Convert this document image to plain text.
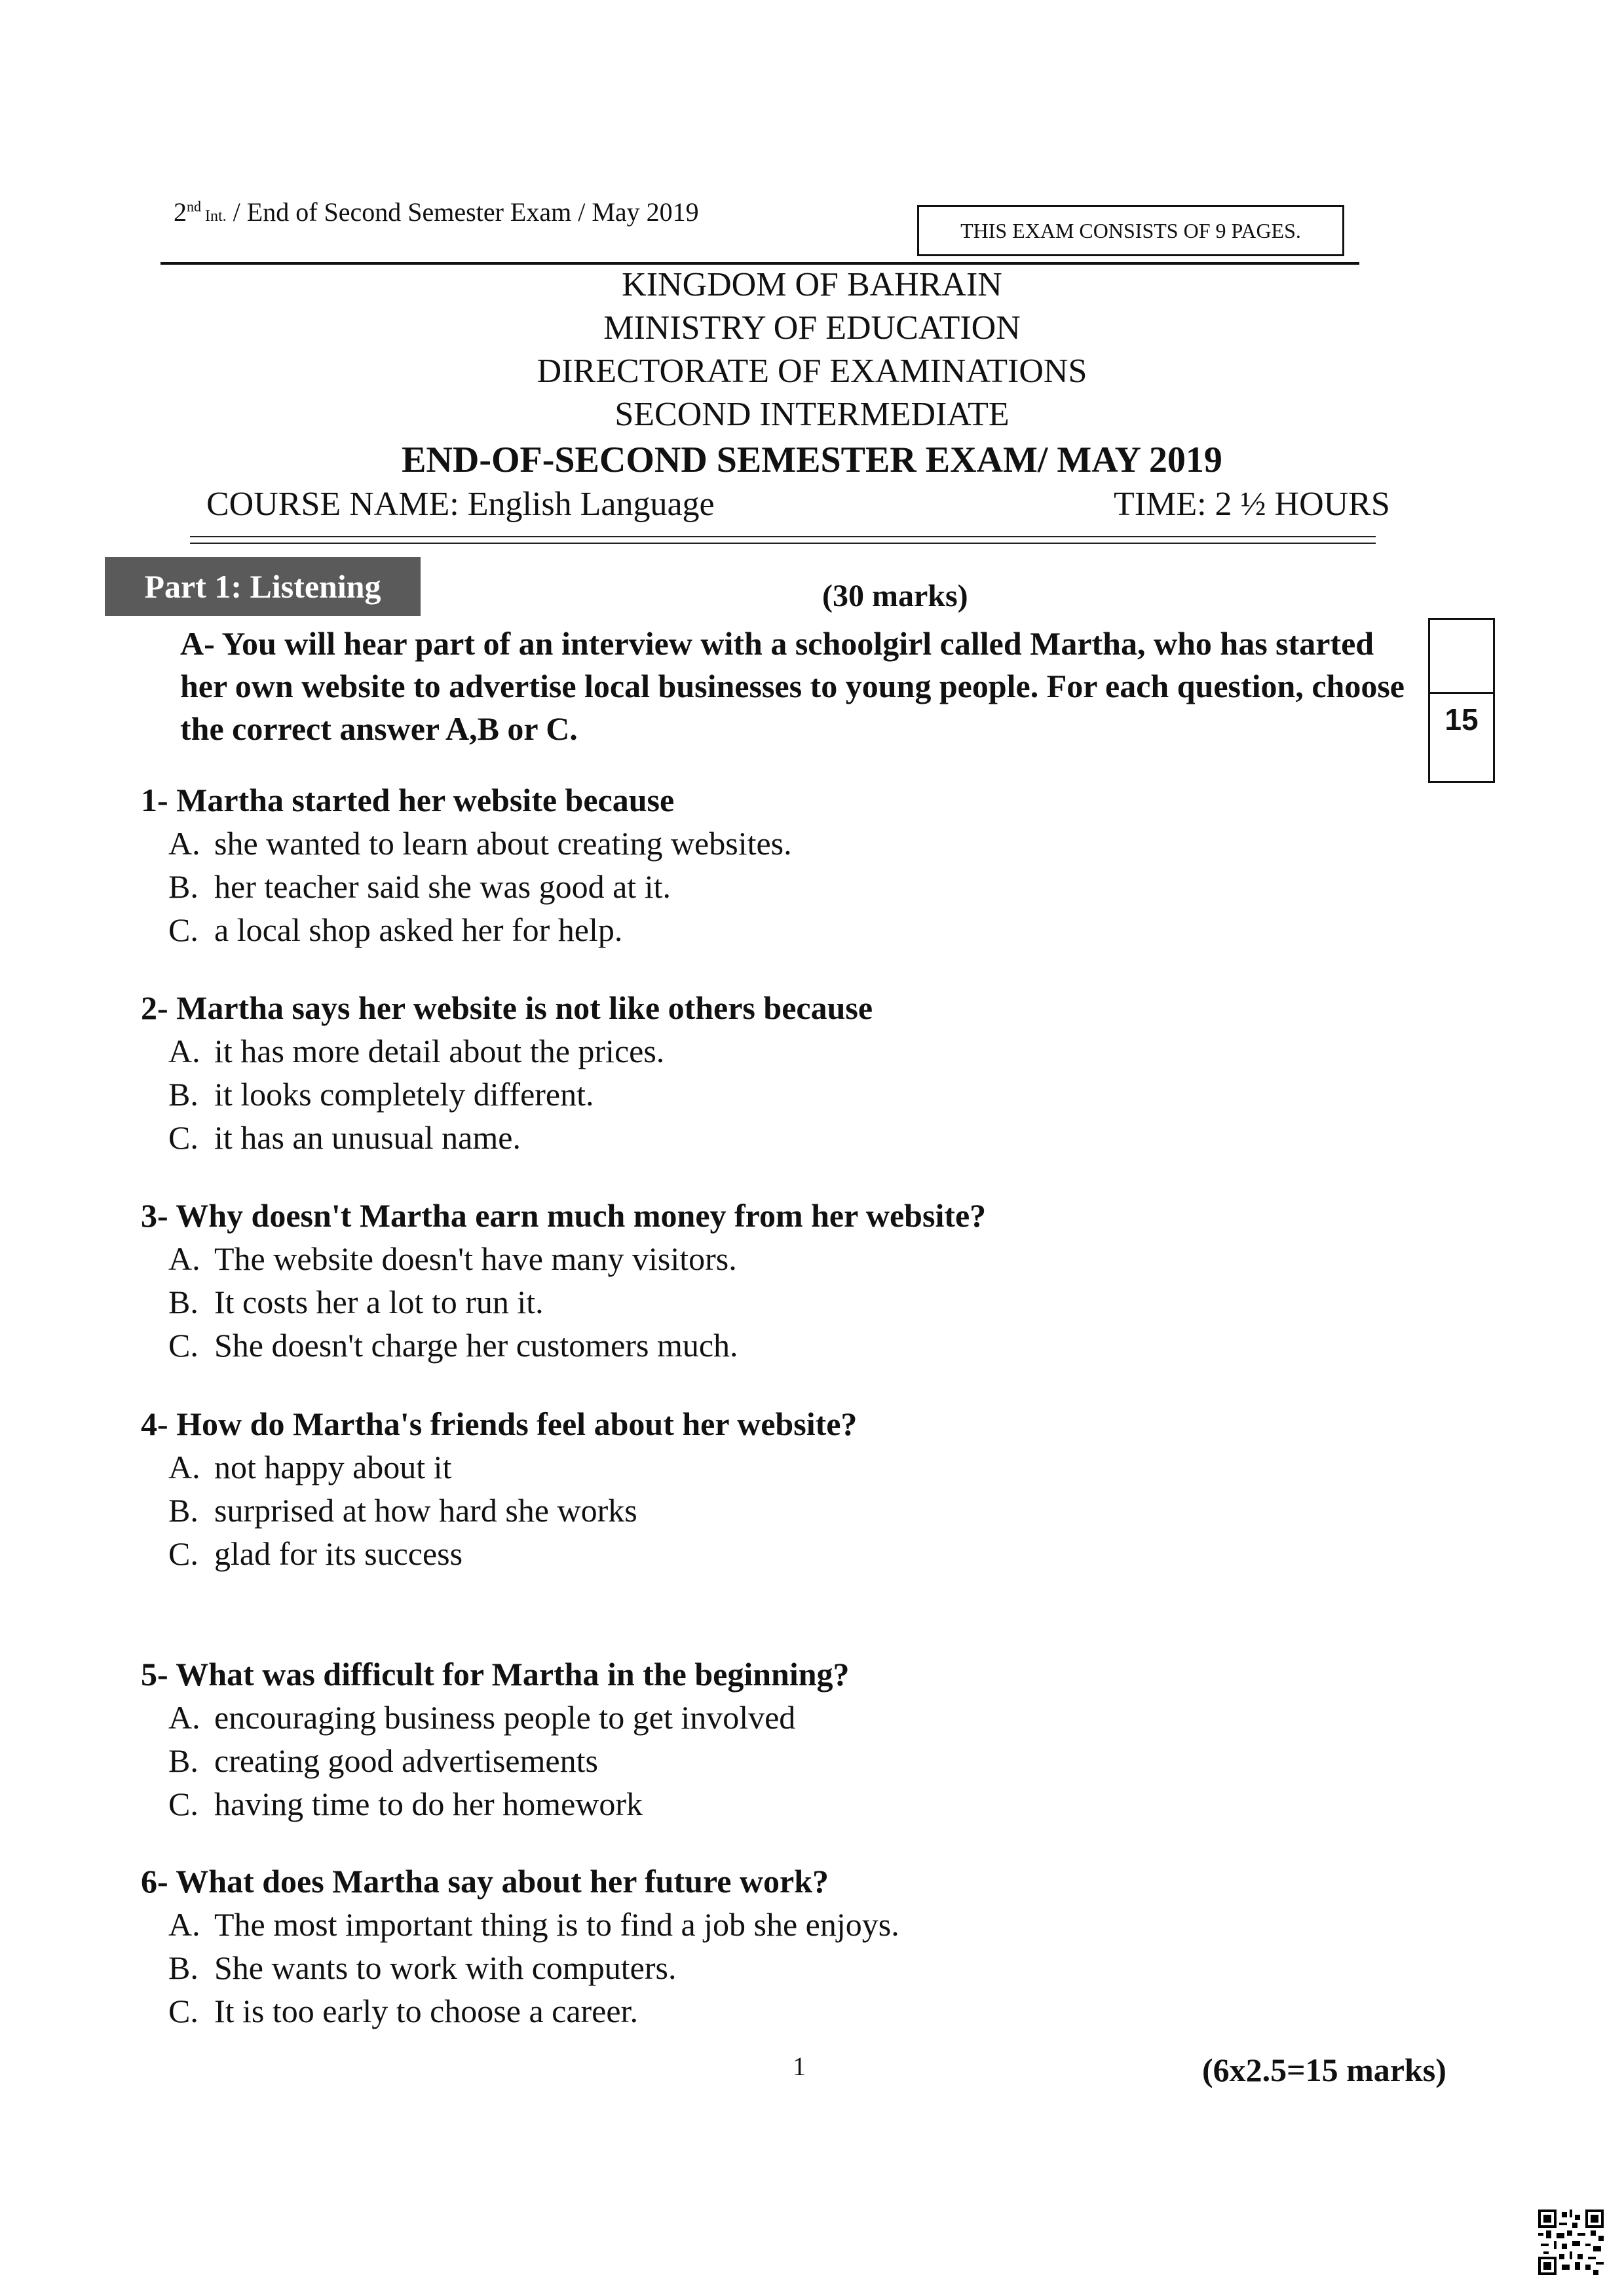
2nd Int. / End of Second Semester Exam / May 2019
THIS EXAM CONSISTS OF 9 PAGES.
KINGDOM OF BAHRAIN
MINISTRY OF EDUCATION
DIRECTORATE OF EXAMINATIONS
SECOND INTERMEDIATE
END-OF-SECOND SEMESTER EXAM/ MAY 2019
COURSE NAME: English Language	TIME: 2 ½ HOURS
Part 1: Listening	(30 marks)
15
A- You will hear part of an interview with a schoolgirl called Martha, who has started her own website to advertise local businesses to young people. For each question, choose the correct answer A,B or C.
1- Martha started her website because
A. she wanted to learn about creating websites.
B. her teacher said she was good at it.
C. a local shop asked her for help.
2- Martha says her website is not like others because
A. it has more detail about the prices.
B. it looks completely different.
C. it has an unusual name.
3- Why doesn't Martha earn much money from her website?
A. The website doesn't have many visitors.
B. It costs her a lot to run it.
C. She doesn't charge her customers much.
4- How do Martha's friends feel about her website?
A. not happy about it
B. surprised at how hard she works
C. glad for its success
5- What was difficult for Martha in the beginning?
A. encouraging business people to get involved
B. creating good advertisements
C. having time to do her homework
6- What does Martha say about her future work?
A. The most important thing is to find a job she enjoys.
B. She wants to work with computers.
C. It is too early to choose a career.
1	(6x2.5=15 marks)
